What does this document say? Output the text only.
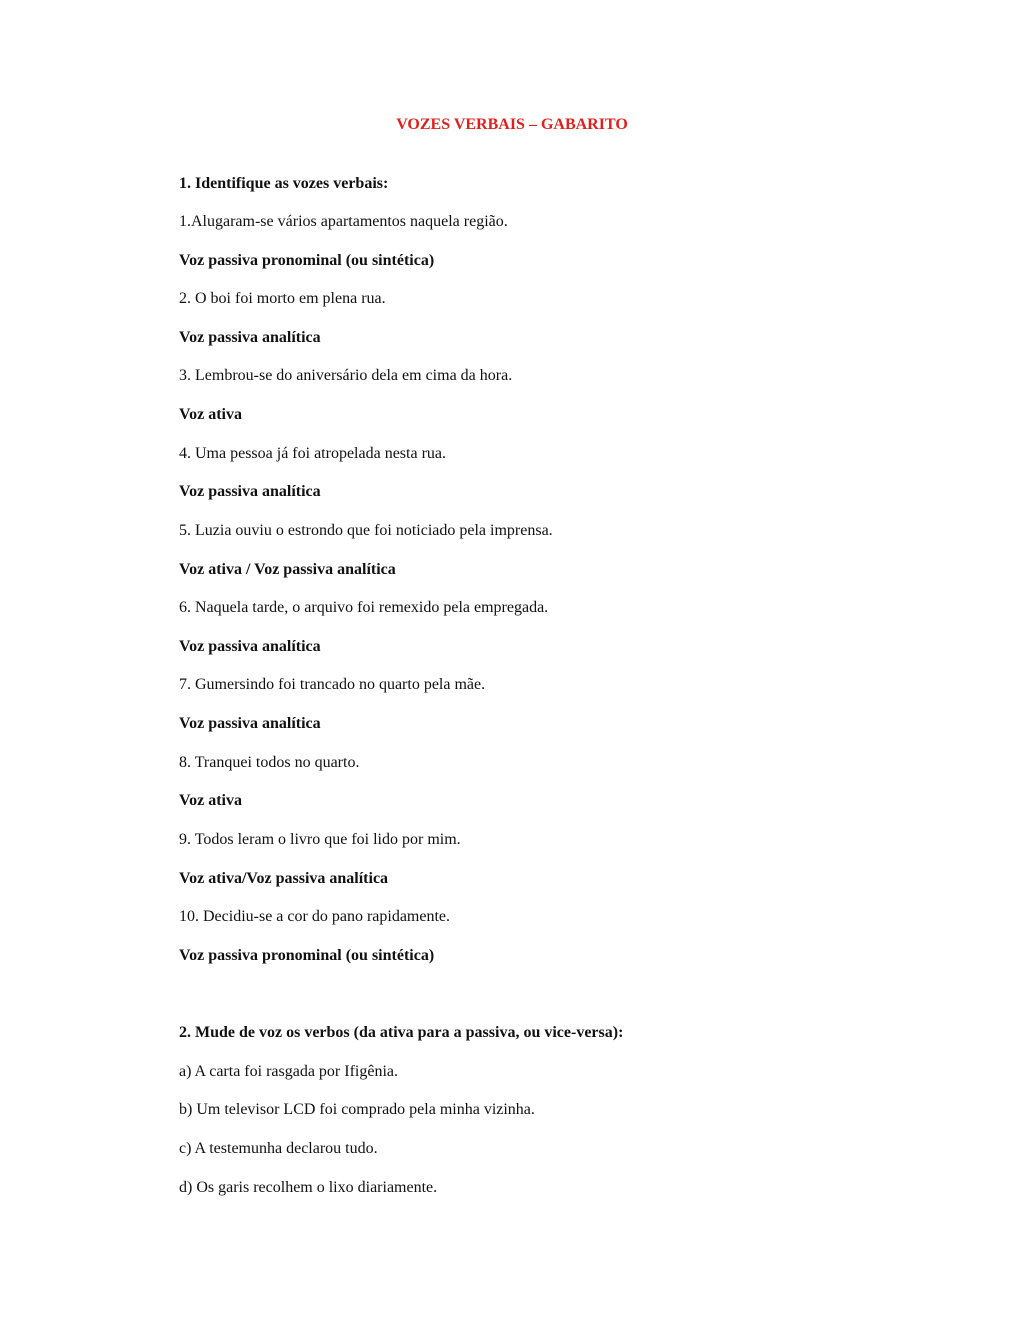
VOZES VERBAIS – GABARITO
1. Identifique as vozes verbais:
1.Alugaram-se vários apartamentos naquela região.
Voz passiva pronominal (ou sintética)
2. O boi foi morto em plena rua.
Voz passiva analítica
3. Lembrou-se do aniversário dela em cima da hora.
Voz ativa
4. Uma pessoa já foi atropelada nesta rua.
Voz passiva analítica
5. Luzia ouviu o estrondo que foi noticiado pela imprensa.
Voz ativa / Voz passiva analítica
6. Naquela tarde, o arquivo foi remexido pela empregada.
Voz passiva analítica
7. Gumersindo foi trancado no quarto pela mãe.
Voz passiva analítica
8. Tranquei todos no quarto.
Voz ativa
9. Todos leram o livro que foi lido por mim.
Voz ativa/Voz passiva analítica
10. Decidiu-se a cor do pano rapidamente.
Voz passiva pronominal (ou sintética)
2. Mude de voz os verbos (da ativa para a passiva, ou vice-versa):
a) A carta foi rasgada por Ifigênia.
b) Um televisor LCD foi comprado pela minha vizinha.
c) A testemunha declarou tudo.
d) Os garis recolhem o lixo diariamente.
